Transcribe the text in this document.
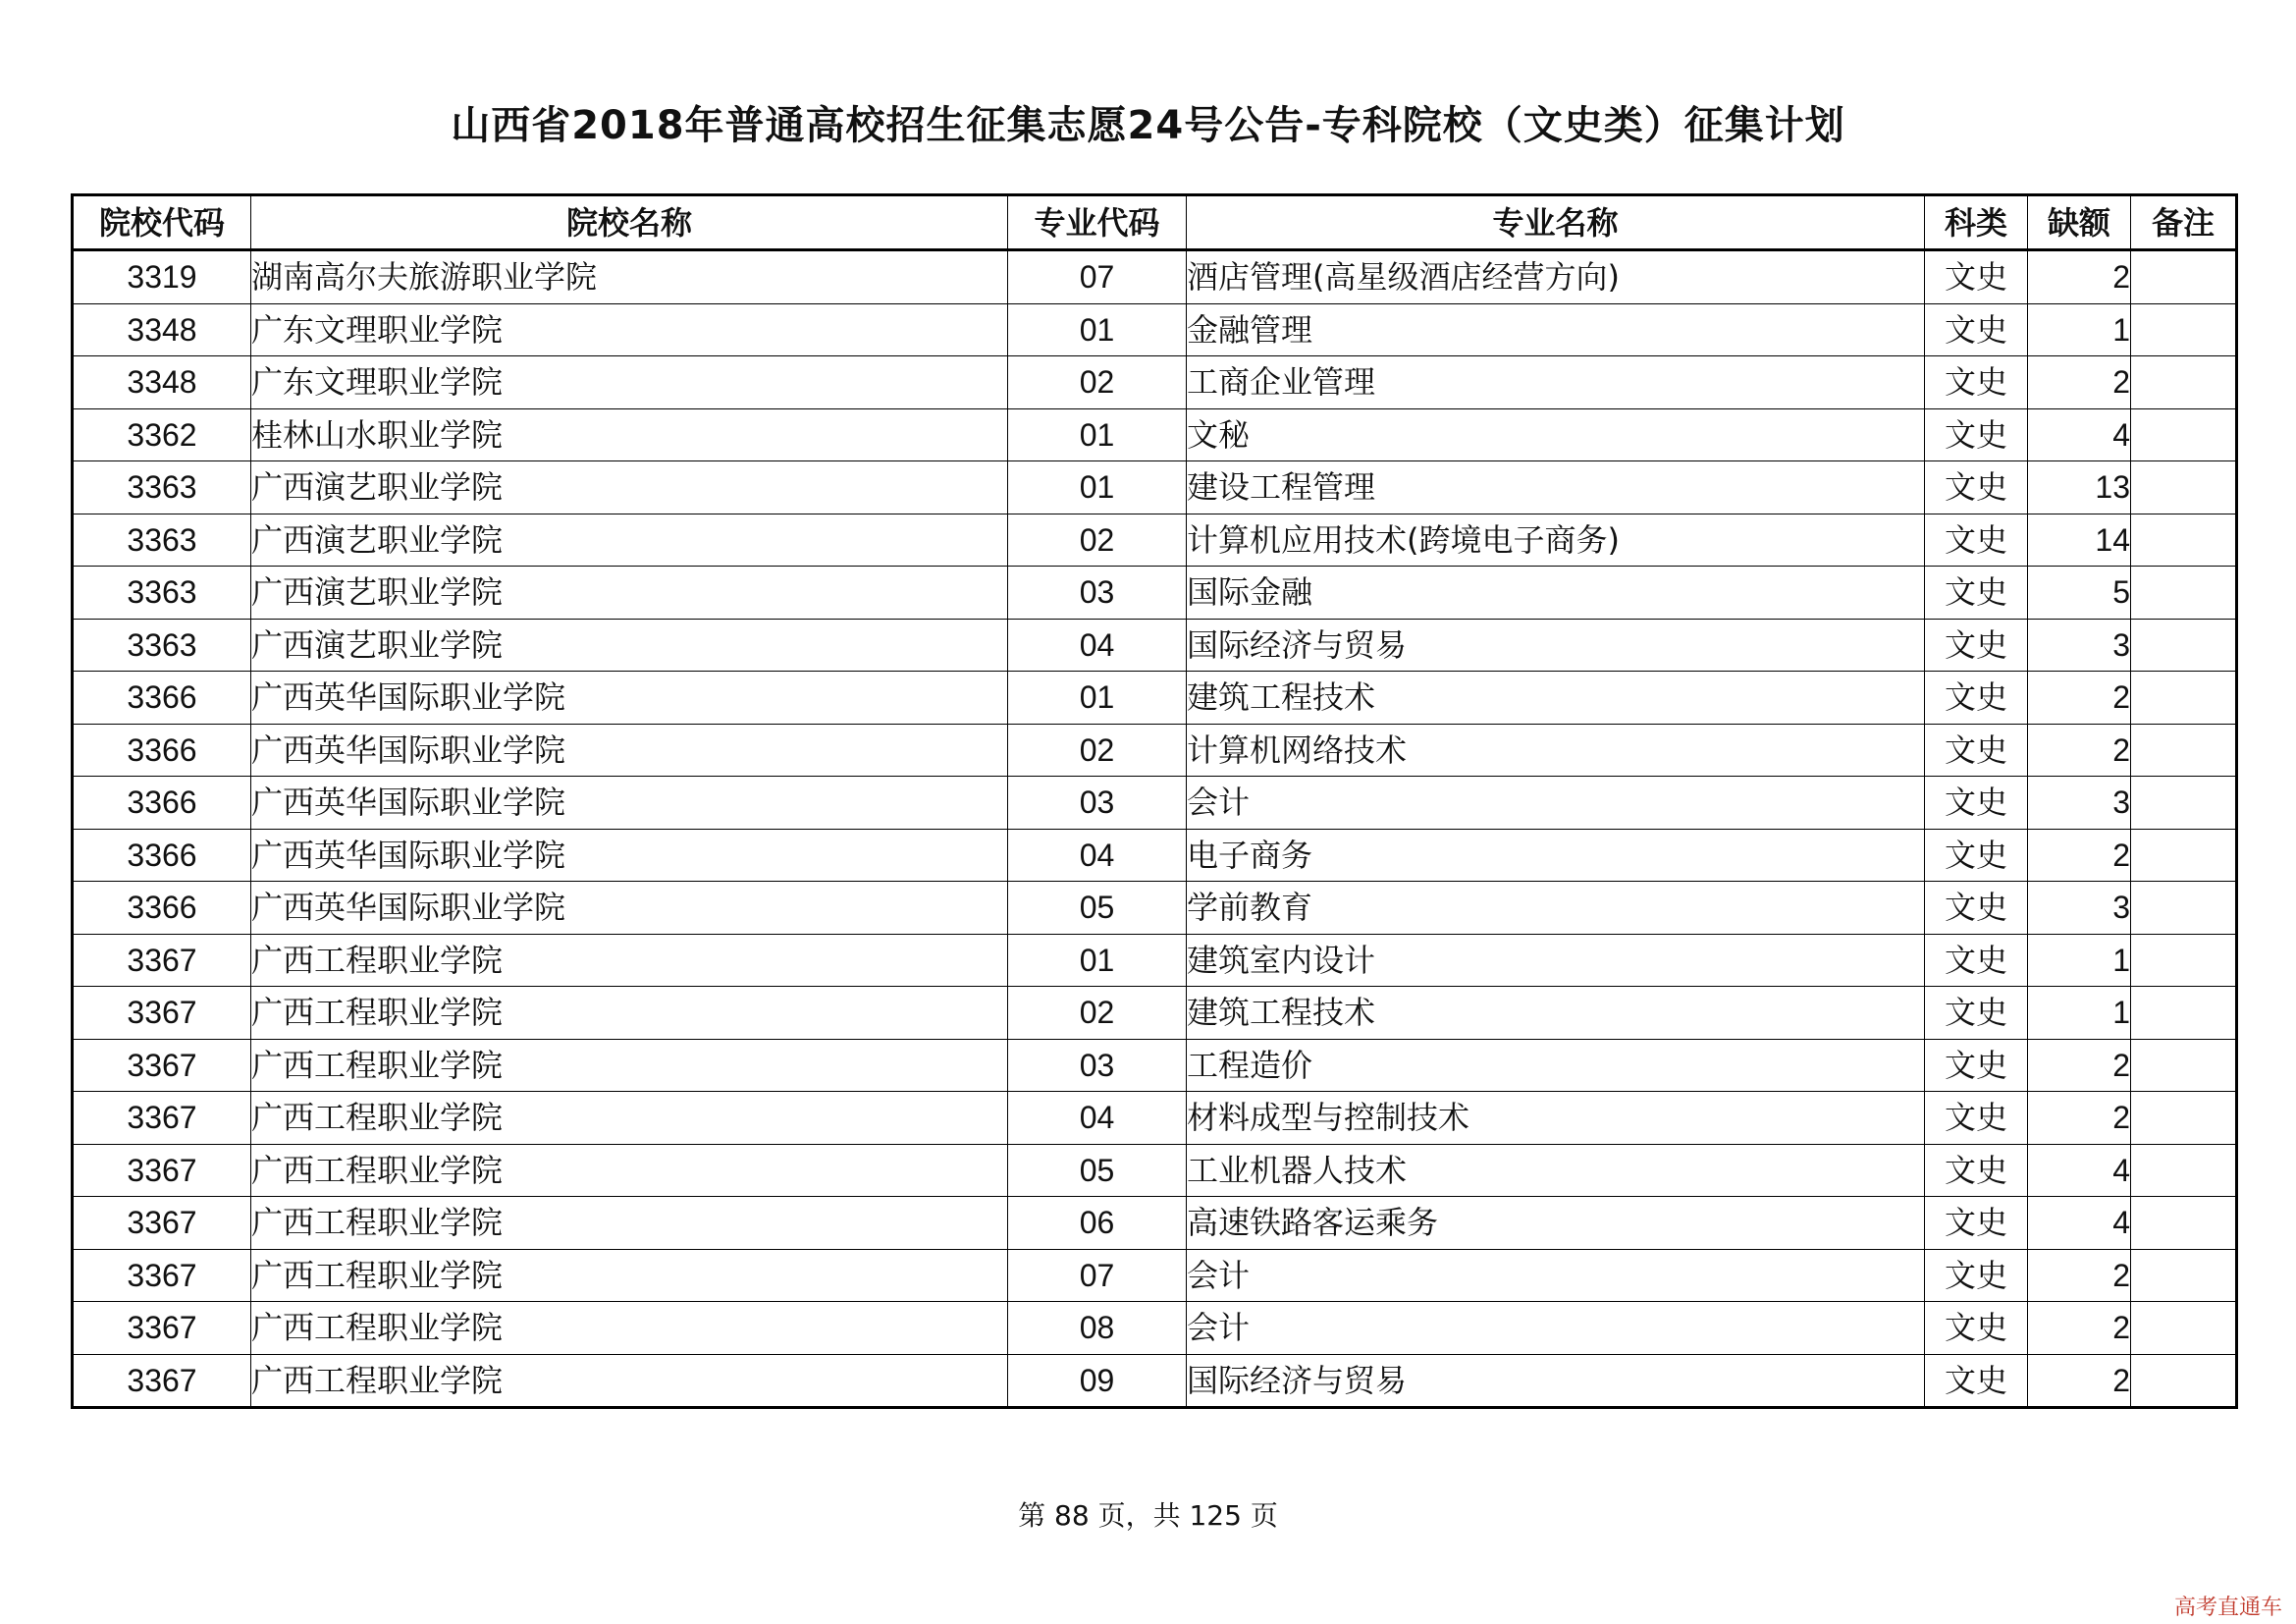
山西省2018年普通高校招生征集志愿24号公告-专科院校（文史类）征集计划
院校代码	院校名称	专业代码	专业名称	科类	缺额	备注
3319	湖南高尔夫旅游职业学院	07	酒店管理(高星级酒店经营方向)	文史	2	
3348	广东文理职业学院	01	金融管理	文史	1	
3348	广东文理职业学院	02	工商企业管理	文史	2	
3362	桂林山水职业学院	01	文秘	文史	4	
3363	广西演艺职业学院	01	建设工程管理	文史	13	
3363	广西演艺职业学院	02	计算机应用技术(跨境电子商务)	文史	14	
3363	广西演艺职业学院	03	国际金融	文史	5	
3363	广西演艺职业学院	04	国际经济与贸易	文史	3	
3366	广西英华国际职业学院	01	建筑工程技术	文史	2	
3366	广西英华国际职业学院	02	计算机网络技术	文史	2	
3366	广西英华国际职业学院	03	会计	文史	3	
3366	广西英华国际职业学院	04	电子商务	文史	2	
3366	广西英华国际职业学院	05	学前教育	文史	3	
3367	广西工程职业学院	01	建筑室内设计	文史	1	
3367	广西工程职业学院	02	建筑工程技术	文史	1	
3367	广西工程职业学院	03	工程造价	文史	2	
3367	广西工程职业学院	04	材料成型与控制技术	文史	2	
3367	广西工程职业学院	05	工业机器人技术	文史	4	
3367	广西工程职业学院	06	高速铁路客运乘务	文史	4	
3367	广西工程职业学院	07	会计	文史	2	
3367	广西工程职业学院	08	会计	文史	2	
3367	广西工程职业学院	09	国际经济与贸易	文史	2	
第 88 页，共 125 页
高考直通车
